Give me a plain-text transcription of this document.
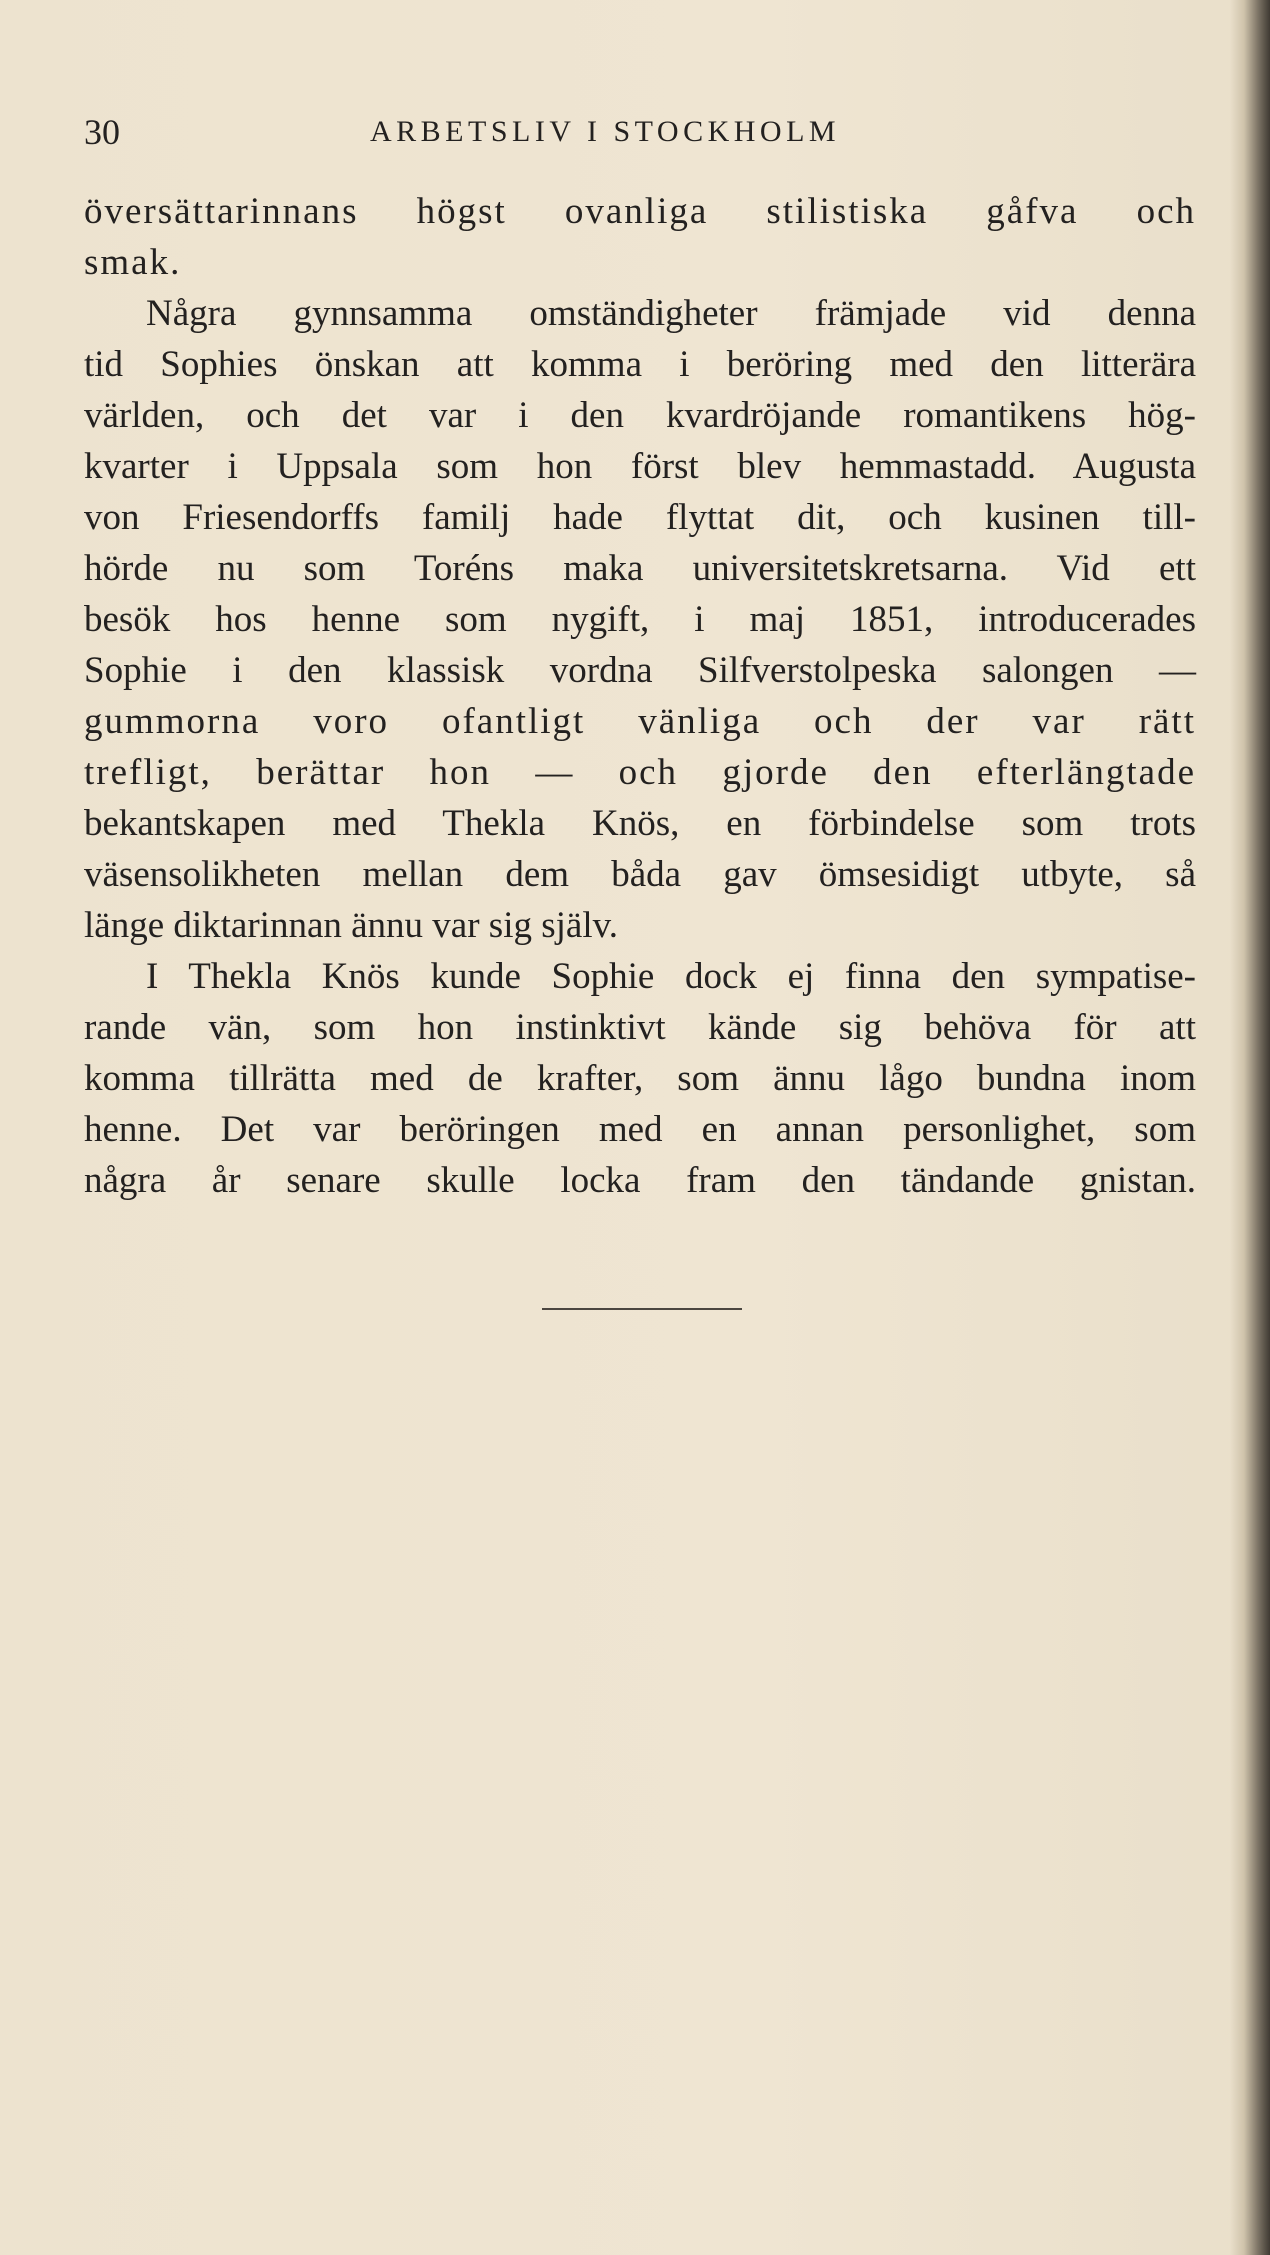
30	ARBETSLIV I STOCKHOLM
översättarinnans högst ovanliga stilistiska gåfva och
smak.
Några gynnsamma omständigheter främjade vid denna
tid Sophies önskan att komma i beröring med den litterära
världen, och det var i den kvardröjande romantikens hög-
kvarter i Uppsala som hon först blev hemmastadd. Augusta
von Friesendorffs familj hade flyttat dit, och kusinen till-
hörde nu som Toréns maka universitetskretsarna. Vid ett
besök hos henne som nygift, i maj 1851, introducerades
Sophie i den klassisk vordna Silfverstolpeska salongen —
gummorna voro ofantligt vänliga och der var rätt
trefligt, berättar hon — och gjorde den efterlängtade
bekantskapen med Thekla Knös, en förbindelse som trots
väsensolikheten mellan dem båda gav ömsesidigt utbyte, så
länge diktarinnan ännu var sig själv.
I Thekla Knös kunde Sophie dock ej finna den sympatise-
rande vän, som hon instinktivt kände sig behöva för att
komma tillrätta med de krafter, som ännu lågo bundna inom
henne. Det var beröringen med en annan personlighet, som
några år senare skulle locka fram den tändande gnistan.
